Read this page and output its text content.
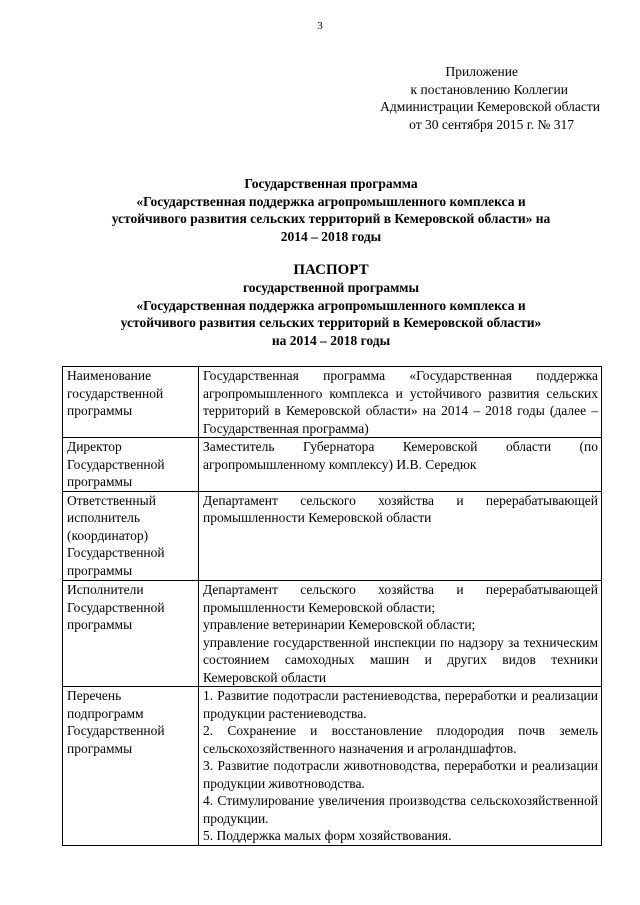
3
Приложение
к постановлению Коллегии
Администрации Кемеровской области
от 30 сентября 2015 г. № 317
Государственная программа
«Государственная поддержка агропромышленного комплекса и
устойчивого развития сельских территорий в Кемеровской области» на
2014 – 2018 годы
ПАСПОРТ
государственной программы
«Государственная поддержка агропромышленного комплекса и
устойчивого развития сельских территорий в Кемеровской области»
на 2014 – 2018 годы
Наименование государственной программы	Государственная программа «Государственная поддержка агропромышленного комплекса и устойчивого развития сельских территорий в Кемеровской области» на 2014 – 2018 годы (далее – Государственная программа)
Директор Государственной программы	Заместитель Губернатора Кемеровской области (по агропромышленному комплексу) И.В. Середюк
Ответственный исполнитель (координатор) Государственной программы	Департамент сельского хозяйства и перерабатывающей промышленности Кемеровской области
Исполнители Государственной программы	Департамент сельского хозяйства и перерабатывающей промышленности Кемеровской области;
управление ветеринарии Кемеровской области;
управление государственной инспекции по надзору за техническим состоянием самоходных машин и других видов техники Кемеровской области

Перечень подпрограмм Государственной программы	1. Развитие подотрасли растениеводства, переработки и реализации продукции растениеводства.
2. Сохранение и восстановление плодородия почв земель сельскохозяйственного назначения и агроландшафтов.
3. Развитие подотрасли животноводства, переработки и реализации продукции животноводства.
4. Стимулирование увеличения производства сельскохозяйственной продукции.
5. Поддержка малых форм хозяйствования.
